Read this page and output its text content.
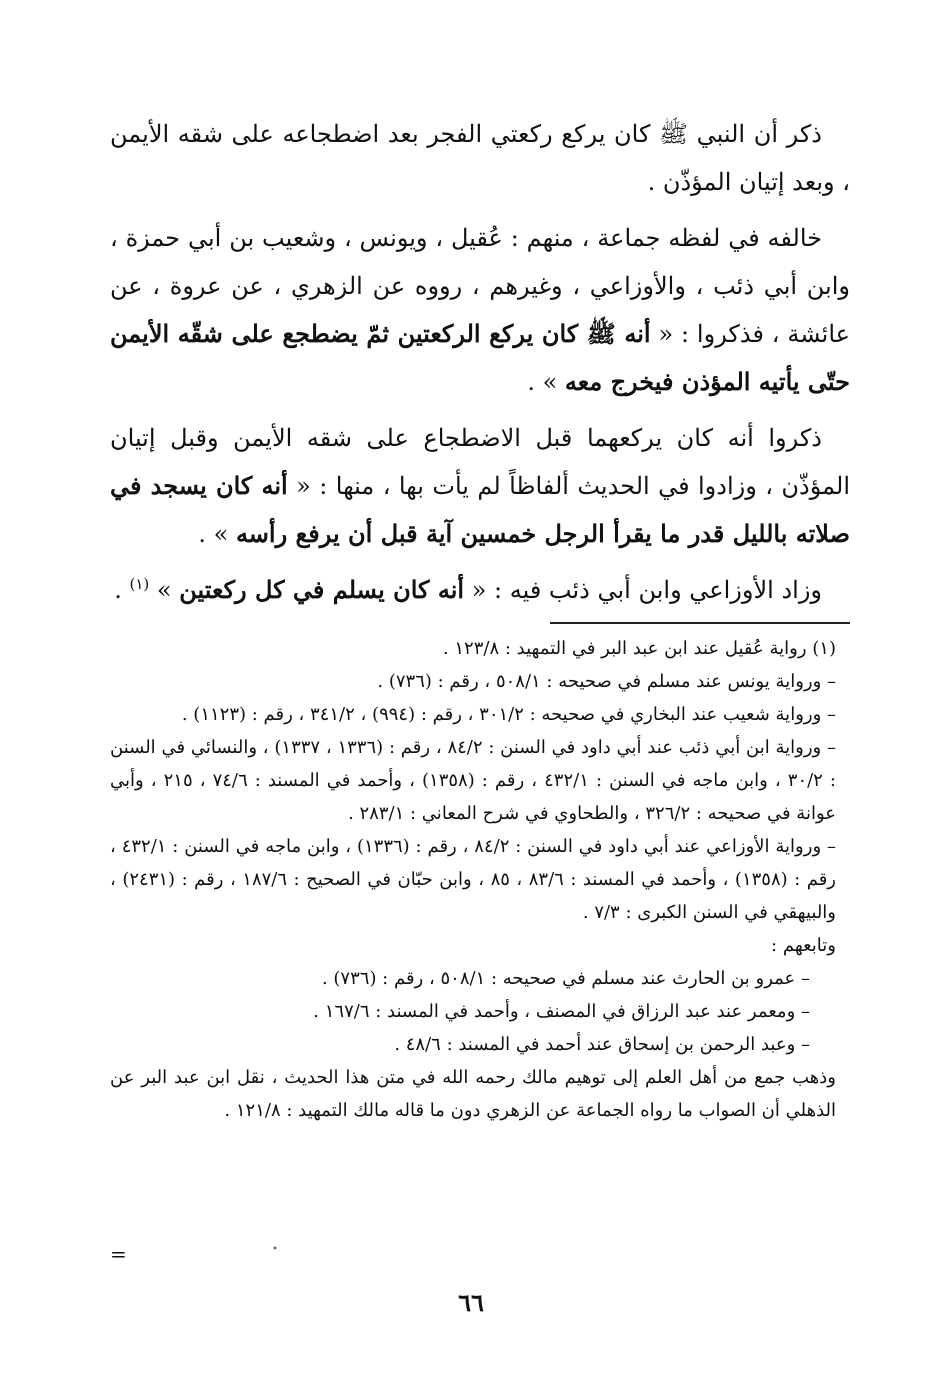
ذكر أن النبي ﷺ كان يركع ركعتي الفجر بعد اضطجاعه على شقه الأيمن ، وبعد إتيان المؤذّن .

خالفه في لفظه جماعة ، منهم : عُقيل ، ويونس ، وشعيب بن أبي حمزة ، وابن أبي ذئب ، والأوزاعي ، وغيرهم ، رووه عن الزهري ، عن عروة ، عن عائشة ، فذكروا : « أنه ﷺ كان يركع الركعتين ثمّ يضطجع على شقّه الأيمن حتّى يأتيه المؤذن فيخرج معه » .

ذكروا أنه كان يركعهما قبل الاضطجاع على شقه الأيمن وقبل إتيان المؤذّن ، وزادوا في الحديث ألفاظاً لم يأت بها ، منها : « أنه كان يسجد في صلاته بالليل قدر ما يقرأ الرجل خمسين آية قبل أن يرفع رأسه » .

وزاد الأوزاعي وابن أبي ذئب فيه : « أنه كان يسلم في كل ركعتين » $^{(١)}$ .

(١) رواية عُقيل عند ابن عبد البر في التمهيد : ١٢٣/٨ .

– ورواية يونس عند مسلم في صحيحه : ٥٠٨/١ ، رقم : (٧٣٦) .

– ورواية شعيب عند البخاري في صحيحه : ٣٠١/٢ ، رقم : (٩٩٤) ، ٣٤١/٢ ، رقم : (١١٢٣) .

– ورواية ابن أبي ذئب عند أبي داود في السنن : ٨٤/٢ ، رقم : (١٣٣٦ ، ١٣٣٧) ، والنسائي في السنن : ٣٠/٢ ، وابن ماجه في السنن : ٤٣٢/١ ، رقم : (١٣٥٨) ، وأحمد في المسند : ٧٤/٦ ، ٢١٥ ، وأبي عوانة في صحيحه : ٣٢٦/٢ ، والطحاوي في شرح المعاني : ٢٨٣/١ .

– ورواية الأوزاعي عند أبي داود في السنن : ٨٤/٢ ، رقم : (١٣٣٦) ، وابن ماجه في السنن : ٤٣٢/١ ، رقم : (١٣٥٨) ، وأحمد في المسند : ٨٣/٦ ، ٨٥ ، وابن حبّان في الصحيح : ١٨٧/٦ ، رقم : (٢٤٣١) ، والبيهقي في السنن الكبرى : ٧/٣ .

وتابعهم :

– عمرو بن الحارث عند مسلم في صحيحه : ٥٠٨/١ ، رقم : (٧٣٦) .

– ومعمر عند عبد الرزاق في المصنف ، وأحمد في المسند : ١٦٧/٦ .

– وعبد الرحمن بن إسحاق عند أحمد في المسند : ٤٨/٦ .

وذهب جمع من أهل العلم إلى توهيم مالك رحمه الله في متن هذا الحديث ، نقل ابن عبد البر عن الذهلي أن الصواب ما رواه الجماعة عن الزهري دون ما قاله مالك التمهيد : ١٢١/٨ .

=	•
٦٦
